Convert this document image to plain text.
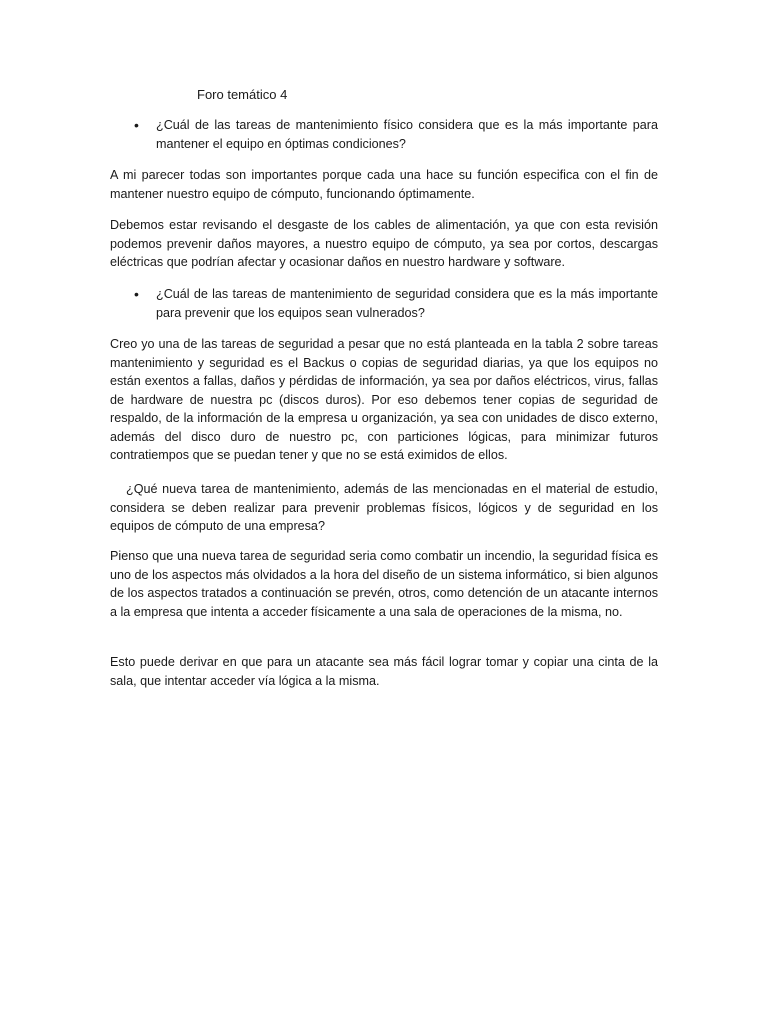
Foro temático 4

• ¿Cuál de las tareas de mantenimiento físico considera que es la más importante para mantener el equipo en óptimas condiciones?

A mi parecer todas son importantes porque cada una hace su función especifica con el fin de mantener nuestro equipo de cómputo, funcionando óptimamente.

Debemos estar revisando el desgaste de los cables de alimentación, ya que con esta revisión podemos prevenir daños mayores, a nuestro equipo de cómputo, ya sea por cortos, descargas eléctricas que podrían afectar y ocasionar daños en nuestro hardware y software.

• ¿Cuál de las tareas de mantenimiento de seguridad considera que es la más importante para prevenir que los equipos sean vulnerados?

Creo yo una de las tareas de seguridad a pesar que no está planteada en la tabla 2 sobre tareas mantenimiento y seguridad es el Backus o copias de seguridad diarias, ya que los equipos no están exentos a fallas, daños y pérdidas de información, ya sea por daños eléctricos, virus, fallas de hardware de nuestra pc (discos duros). Por eso debemos tener copias de seguridad de respaldo, de la información de la empresa u organización, ya sea con unidades de disco externo, además del disco duro de nuestro pc, con particiones lógicas, para minimizar futuros contratiempos que se puedan tener y que no se está eximidos de ellos.

¿Qué nueva tarea de mantenimiento, además de las mencionadas en el material de estudio, considera se deben realizar para prevenir problemas físicos, lógicos y de seguridad en los equipos de cómputo de una empresa?

Pienso que una nueva tarea de seguridad seria como combatir un incendio, la seguridad física es uno de los aspectos más olvidados a la hora del diseño de un sistema informático, si bien algunos de los aspectos tratados a continuación se prevén, otros, como detención de un atacante internos a la empresa que intenta a acceder físicamente a una sala de operaciones de la misma, no.

Esto puede derivar en que para un atacante sea más fácil lograr tomar y copiar una cinta de la sala, que intentar acceder vía lógica a la misma.
